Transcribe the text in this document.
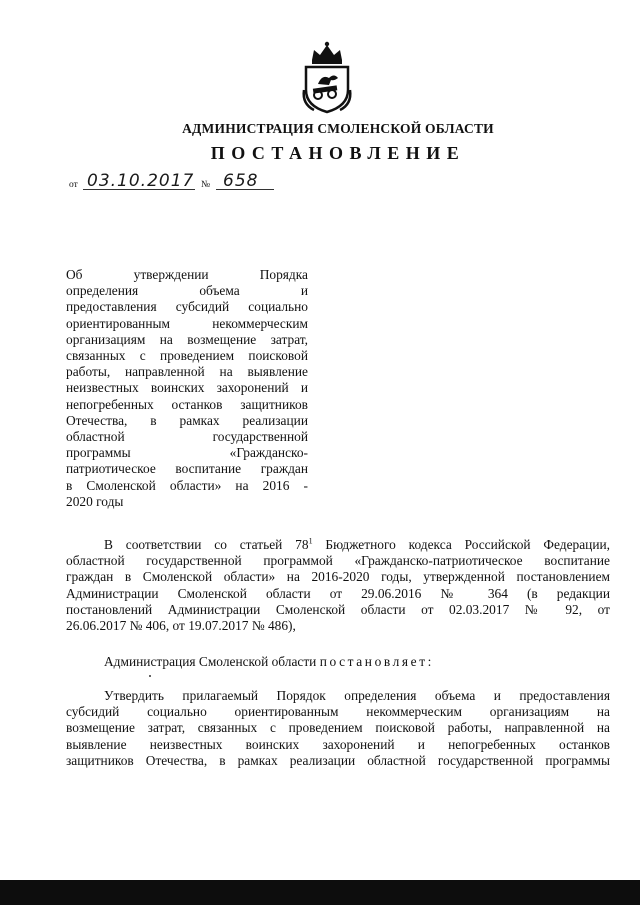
АДМИНИСТРАЦИЯ СМОЛЕНСКОЙ ОБЛАСТИ
ПОСТАНОВЛЕНИЕ
от 03.10.2017 № 658
Об утверждении Порядка
определения объема и
предоставления субсидий социально
ориентированным некоммерческим
организациям на возмещение затрат,
связанных с проведением поисковой
работы, направленной на выявление
неизвестных воинских захоронений и
непогребенных останков защитников
Отечества, в рамках реализации
областной государственной
программы «Гражданско-
патриотическое воспитание граждан
в Смоленской области» на 2016 -
2020 годы
В соответствии со статьей $78^1$ Бюджетного кодекса Российской Федерации,
областной государственной программой «Гражданско-патриотическое воспитание
граждан в Смоленской области» на 2016-2020 годы, утвержденной постановлением
Администрации Смоленской области от 29.06.2016 № 364 (в редакции
постановлений Администрации Смоленской области от 02.03.2017 № 92, от
26.06.2017 № 406, от 19.07.2017 № 486),
Администрация Смоленской области постановляет:
Утвердить прилагаемый Порядок определения объема и предоставления
субсидий социально ориентированным некоммерческим организациям на
возмещение затрат, связанных с проведением поисковой работы, направленной на
выявление неизвестных воинских захоронений и непогребенных останков
защитников Отечества, в рамках реализации областной государственной программы
